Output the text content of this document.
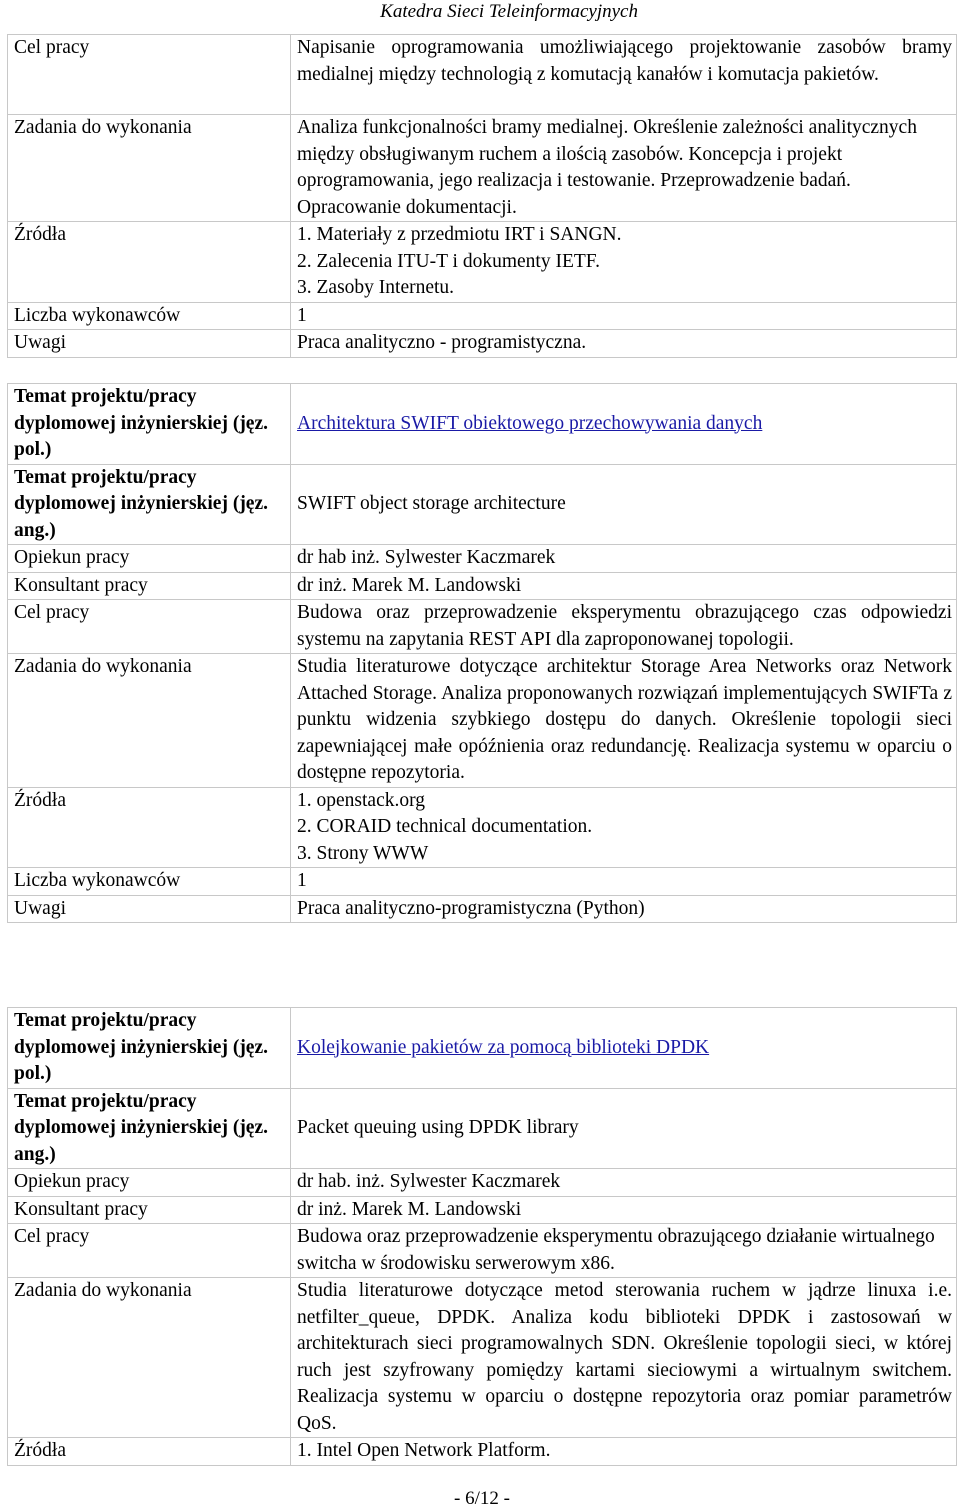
Katedra Sieci Teleinformacyjnych
Cel pracy	Napisanie oprogramowania umożliwiającego projektowanie zasobów bramy medialnej między technologią z komutacją kanałów i komutacja pakietów.
Zadania do wykonania	Analiza funkcjonalności bramy medialnej. Określenie zależności analitycznych między obsługiwanym ruchem a ilością zasobów. Koncepcja i projekt oprogramowania, jego realizacja i testowanie. Przeprowadzenie badań. Opracowanie dokumentacji.
Źródła	1. Materiały z przedmiotu IRT i SANGN.
2. Zalecenia ITU-T i dokumenty IETF.
3. Zasoby Internetu.

Liczba wykonawców	1
Uwagi	Praca analityczno - programistyczna.
Temat projektu/pracy dyplomowej inżynierskiej (jęz. pol.)	Architektura SWIFT obiektowego przechowywania danych
Temat projektu/pracy dyplomowej inżynierskiej (jęz. ang.)	SWIFT object storage architecture
Opiekun pracy	dr hab inż. Sylwester Kaczmarek
Konsultant pracy	dr inż. Marek M. Landowski
Cel pracy	Budowa oraz przeprowadzenie eksperymentu obrazującego czas odpowiedzi systemu na zapytania REST API dla zaproponowanej topologii.
Zadania do wykonania	Studia literaturowe dotyczące architektur Storage Area Networks oraz Network Attached Storage. Analiza proponowanych rozwiązań implementujących SWIFTa z punktu widzenia szybkiego dostępu do danych. Określenie topologii sieci zapewniającej małe opóźnienia oraz redundancję. Realizacja systemu w oparciu o dostępne repozytoria.
Źródła	1. openstack.org
2. CORAID technical documentation.
3. Strony WWW

Liczba wykonawców	1
Uwagi	Praca analityczno-programistyczna (Python)
Temat projektu/pracy dyplomowej inżynierskiej (jęz. pol.)	Kolejkowanie pakietów za pomocą biblioteki DPDK
Temat projektu/pracy dyplomowej inżynierskiej (jęz. ang.)	Packet queuing using DPDK library
Opiekun pracy	dr hab. inż. Sylwester Kaczmarek
Konsultant pracy	dr inż. Marek M. Landowski
Cel pracy	Budowa oraz przeprowadzenie eksperymentu obrazującego działanie wirtualnego switcha w środowisku serwerowym x86.
Zadania do wykonania	Studia literaturowe dotyczące metod sterowania ruchem w jądrze linuxa i.e. netfilter_queue, DPDK. Analiza kodu biblioteki DPDK i zastosowań w architekturach sieci programowalnych SDN. Określenie topologii sieci, w której ruch jest szyfrowany pomiędzy kartami sieciowymi a wirtualnym switchem. Realizacja systemu w oparciu o dostępne repozytoria oraz pomiar parametrów QoS.
Źródła	1. Intel Open Network Platform.
- 6/12 -
